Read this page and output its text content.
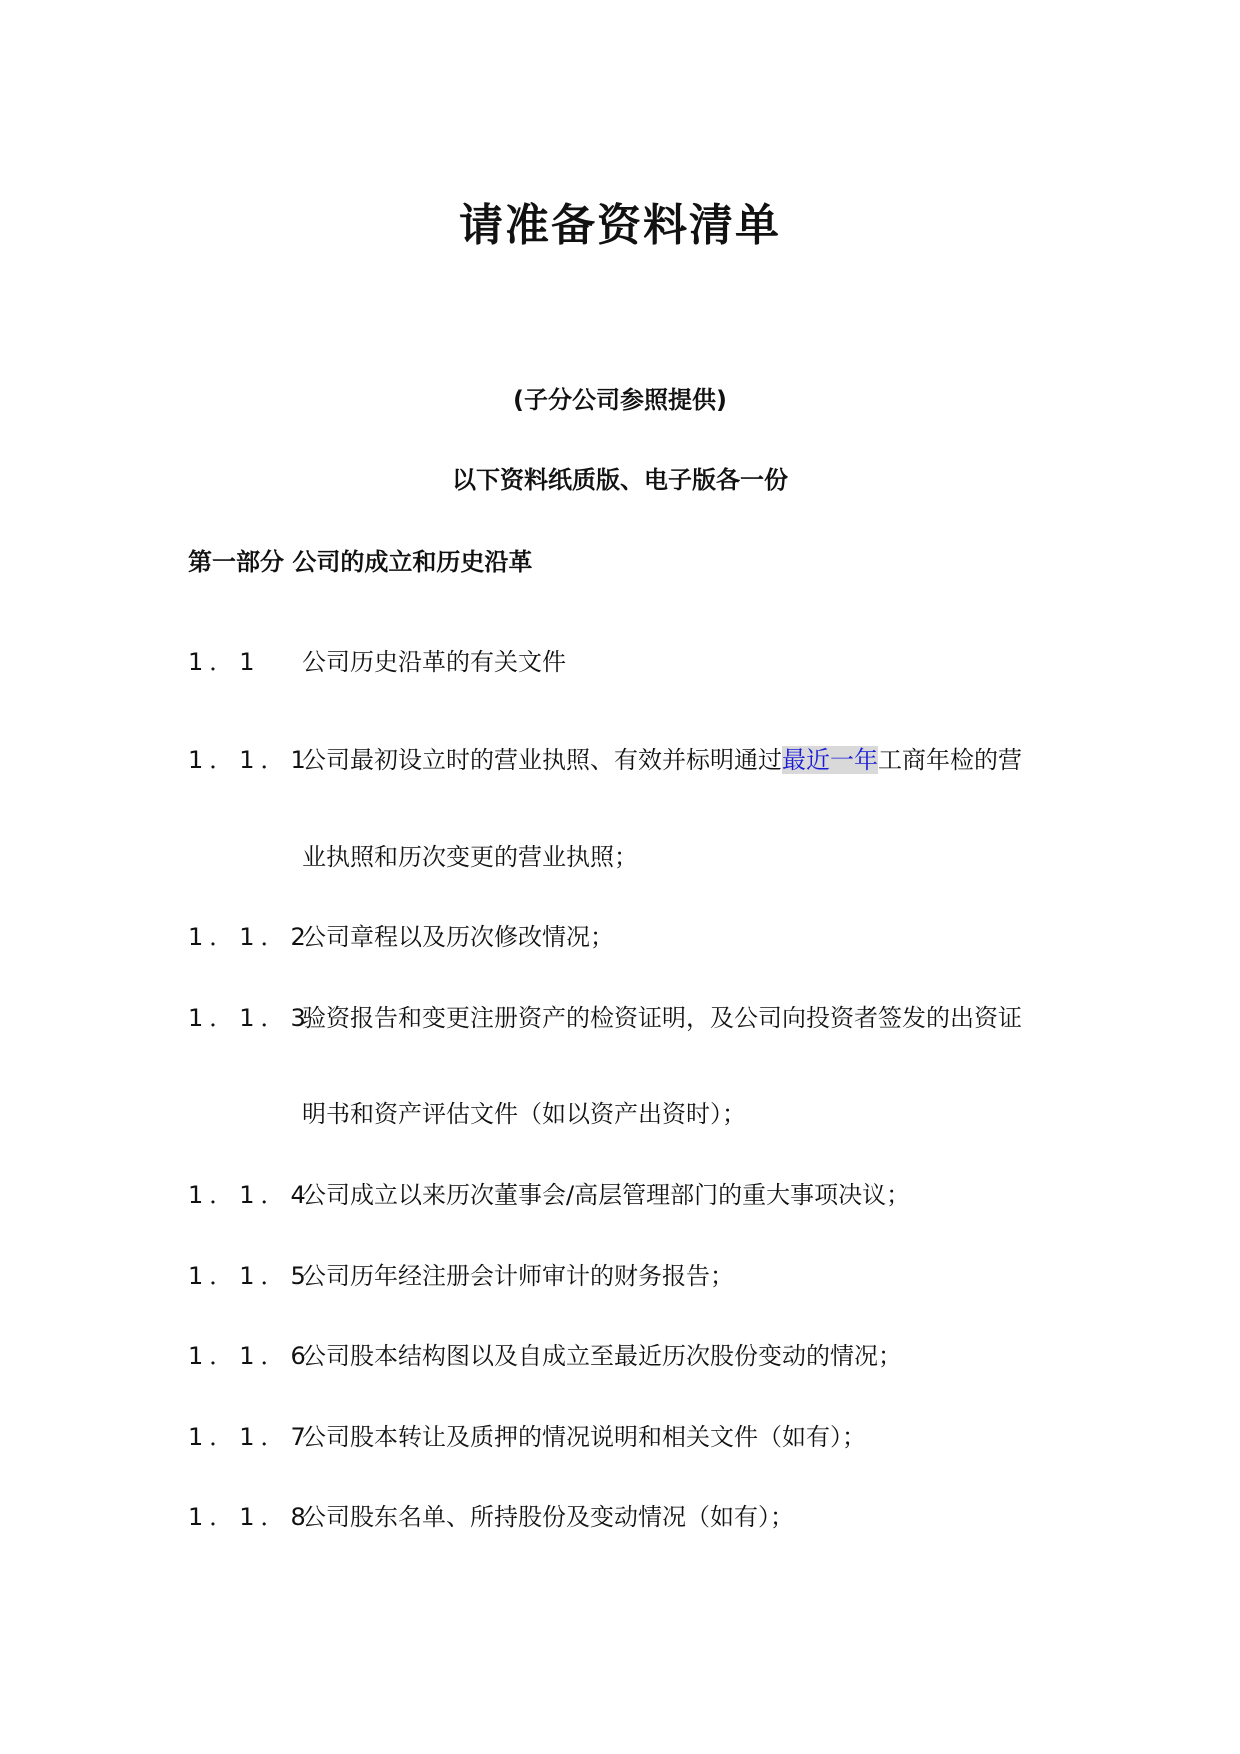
请准备资料清单
(子分公司参照提供)
以下资料纸质版、电子版各一份
第一部分 公司的成立和历史沿革
1．1 公司历史沿革的有关文件
1．1．1
公司最初设立时的营业执照、有效并标明通过最近一年工商年检的营
业执照和历次变更的营业执照；
1．1．2
公司章程以及历次修改情况；
1．1．3
验资报告和变更注册资产的检资证明，及公司向投资者签发的出资证
明书和资产评估文件（如以资产出资时）；
1．1．4
公司成立以来历次董事会/高层管理部门的重大事项决议；
1．1．5
公司历年经注册会计师审计的财务报告；
1．1．6
公司股本结构图以及自成立至最近历次股份变动的情况；
1．1．7
公司股本转让及质押的情况说明和相关文件（如有）；
1．1．8
公司股东名单、所持股份及变动情况（如有）；
